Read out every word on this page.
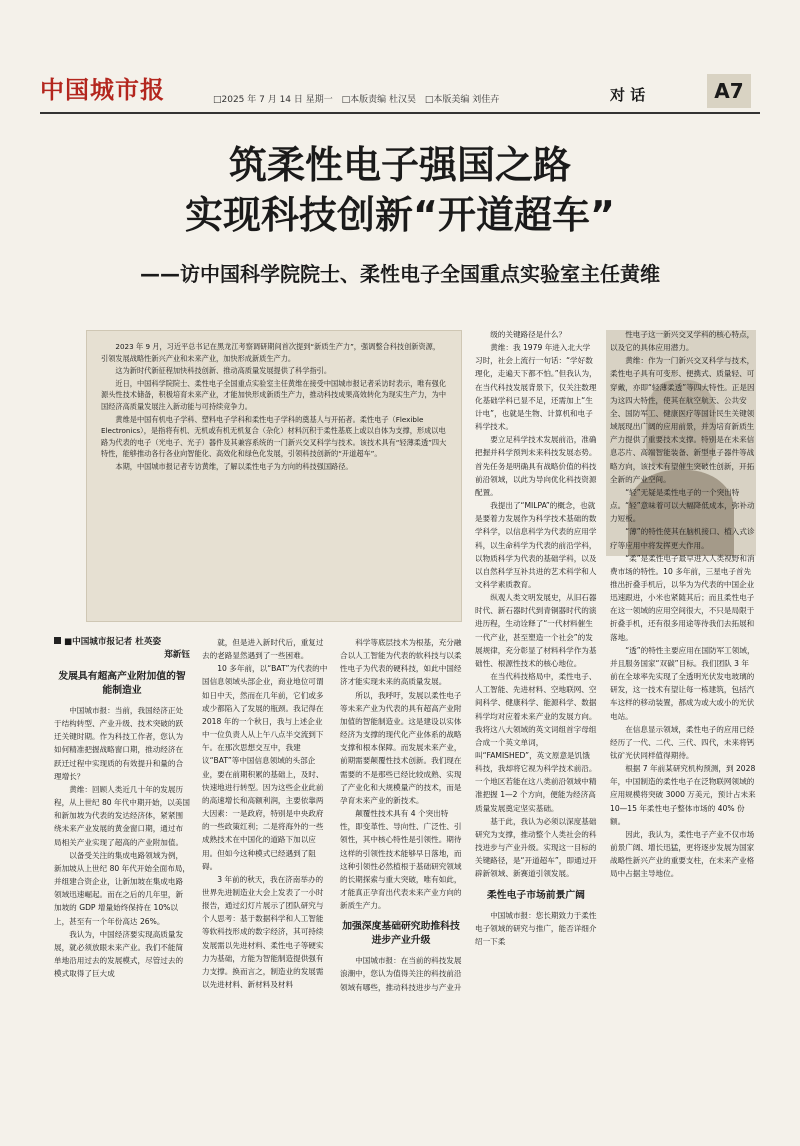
中国城市报	□2025 年 7 月 14 日 星期一 □本版责编 杜汉昊 □本版美编 刘佳卉	对 话	A7
筑柔性电子强国之路
实现科技创新“开道超车”
——访中国科学院院士、柔性电子全国重点实验室主任黄维

2023 年 9 月，习近平总书记在黑龙江考察调研期间首次提到“新质生产力”，强调整合科技创新资源，引领发展战略性新兴产业和未来产业，加快形成新质生产力。

这为新时代新征程加快科技创新、推动高质量发展提供了科学指引。

近日，中国科学院院士、柔性电子全国重点实验室主任黄维在接受中国城市报记者采访时表示，唯有强化源头性技术储备，积极培育未来产业，才能加快形成新质生产力，推动科技成果高效转化为现实生产力，为中国经济高质量发展注入新动能与可持续竞争力。

黄维是中国有机电子学科、塑料电子学科和柔性电子学科的奠基人与开拓者。柔性电子（Flexible Electronics），是指将有机、无机或有机无机复合（杂化）材料沉积于柔性基底上或以自体为支撑，形成以电路为代表的电子（光电子、光子）器件及其兼容系统的一门新兴交叉科学与技术。该技术具有“轻薄柔透”四大特性，能够推动各行各业向智能化、高效化和绿色化发展，引领科技创新的“开道超车”。

本期，中国城市报记者专访黄维，了解以柔性电子为方向的科技强国路径。

■中国城市报记者 杜英姿
郑新钰
发展具有超高产业附加值的智能制造业

中国城市报：当前，我国经济正处于结构转型、产业升级、技术突破的跃迁关键时期。作为科技工作者，您认为如何精准把握战略窗口期，推动经济在跃迁过程中实现质的有效提升和量的合理增长？

黄维：回顾人类近几十年的发展历程，从上世纪 80 年代中期开始，以美国和新加坡为代表的发达经济体，紧紧围绕未来产业发展的黄金窗口期，通过布局相关产业实现了超高的产业附加值。

以备受关注的集成电路领域为例，新加坡从上世纪 80 年代开始全面布局，并组建合资企业，让新加坡在集成电路领域迅速崛起。而在之后的几年里，新加坡的 GDP 增量始终保持在 10%以上，甚至有一个年份高达 26%。

我认为，中国经济要实现高质量发展，就必须放眼未来产业。我们不能简单地沿用过去的发展模式，尽管过去的模式取得了巨大成

就，但是进入新时代后，重复过去的老路显然遇到了一些困难。

10 多年前，以“BAT”为代表的中国信息领域头部企业，商业地位可谓如日中天，然而在几年前，它们或多或少都陷入了发展的瓶颈。我记得在 2018 年的一个秋日，我与上述企业中一位负责人从上午八点半交流到下午。在那次思想交互中，我建议“BAT”等中国信息领域的头部企业，要在前期积累的基础上，及时、快速地进行转型。因为这些企业此前的高速增长和高额利润，主要依靠两大因素：一是政府，特别是中央政府的一些政策红利；二是将海外的一些成熟技术在中国化的道路下加以应用。但如今这种模式已经遇到了阻碍。

3 年前的秋天，我在济南举办的世界先进制造业大会上发表了一小时报告，通过幻灯片展示了团队研究与个人思考：基于数据科学和人工智能等软科技形成的数字经济，其可持续发展需以先进材料、柔性电子等硬实力为基础，方能为智能制造提供强有力支撑。换而言之，制造业的发展需以先进材料、新材料及材料

科学等底层技术为根基，充分融合以人工智能为代表的软科技与以柔性电子为代表的硬科技，如此中国经济才能实现未来的高质量发展。

所以，我呼吁，发展以柔性电子等未来产业为代表的具有超高产业附加值的智能制造业。这是建设以实体经济为支撑的现代化产业体系的战略支撑和根本保障。而发展未来产业，前期需要颠覆性技术创新。我们现在需要的不是那些已经比较成熟、实现了产业化和大规模量产的技术，而是孕育未来产业的新技术。

颠覆性技术具有 4 个突出特性，即变革性、导向性、广泛性、引领性，其中核心特性是引领性。期待这样的引领性技术能够早日落地，而这种引领性必然植根于基础研究领域的长期探索与重大突破，唯有如此，才能真正孕育出代表未来产业方向的新质生产力。

加强深度基础研究助推科技进步产业升级

中国城市报：在当前的科技发展浪潮中，您认为值得关注的科技前沿领域有哪些，推动科技进步与产业升

级的关键路径是什么？

黄维：我 1979 年进入北大学习时，社会上流行一句话：“学好数理化，走遍天下都不怕。”但我认为，在当代科技发展背景下，仅关注数理化基础学科已显不足，还需加上“生计电”，也就是生物、计算机和电子科学技术。

要立足科学技术发展前沿，准确把握并科学预判未来科技发展态势。首先任务是明确具有战略价值的科技前沿领域，以此为导向优化科技资源配置。

我提出了“MILPA”的概念，也就是要着力发展作为科学技术基础的数学科学，以信息科学为代表的应用学科，以生命科学为代表的前沿学科，以物质科学为代表的基础学科，以及以自然科学互补共进的艺术科学和人文科学素质教育。

纵观人类文明发展史，从旧石器时代、新石器时代到青铜器时代的演进历程，生动诠释了“一代材料催生一代产业，甚至塑造一个社会”的发展规律，充分彰显了材料科学作为基础性、根源性技术的核心地位。

在当代科技格局中，柔性电子、人工智能、先进材料、空地联网、空间科学、健康科学、能源科学、数据科学均对应着未来产业的发展方向。我将这八大领域的英文词组首字母组合成一个英文单词，叫“FAMISHED”，英文原意是饥饿科技，我却将它视为科学技术前沿。一个地区若能在这八类前沿领域中精准把握 1—2 个方向，便能为经济高质量发展奠定坚实基础。

基于此，我认为必须以深度基础研究为支撑，推动整个人类社会的科技进步与产业升级。实现这一目标的关键路径，是“开道超车”，即通过开辟新领域、新赛道引领发展。

柔性电子市场前景广阔

中国城市报：您长期致力于柔性电子领域的研究与推广，能否详细介绍一下柔

性电子这一新兴交叉学科的核心特点，以及它的具体应用潜力。

黄维：作为一门新兴交叉科学与技术，柔性电子具有可变形、便携式、质量轻、可穿戴，亦即“轻薄柔透”等四大特性。正是因为这四大特性，使其在航空航天、公共安全、国防军工、健康医疗等国计民生关键领域展现出广阔的应用前景，并为培育新质生产力提供了重要技术支撑。特别是在未来信息芯片、高端智能装备、新型电子器件等战略方向，该技术有望催生突破性创新，开拓全新的产业空间。

“轻”无疑是柔性电子的一个突出特点。“轻”意味着可以大幅降低成本，弥补动力短板。

“薄”的特性使其在脑机接口、植入式诊疗等应用中将发挥更大作用。

“柔”是柔性电子最早进入人类视野和消费市场的特性。10 多年前，三星电子首先推出折叠手机后，以华为为代表的中国企业迅速跟进，小米也紧随其后；而且柔性电子在这一领域的应用空间很大，不只是局限于折叠手机，还有很多用途等待我们去拓展和落地。

“透”的特性主要应用在国防军工领域，并且服务国家“双碳”目标。我们团队 3 年前在全球率先实现了全透明光伏发电玻璃的研发，这一技术有望让每一栋建筑，包括汽车这样的移动装置，都成为或大或小的光伏电站。

在信息显示领域，柔性电子的应用已经经历了一代、二代、三代、四代，未来将钙钛矿光伏同样值得期待。

根据 7 年前某研究机构预测，到 2028 年，中国制造的柔性电子在泛物联网领域的应用规模将突破 3000 万美元，预计占未来 10—15 年柔性电子整体市场的 40% 份额。

因此，我认为，柔性电子产业不仅市场前景广阔、增长迅猛，更将逐步发展为国家战略性新兴产业的重要支柱，在未来产业格局中占据主导地位。
